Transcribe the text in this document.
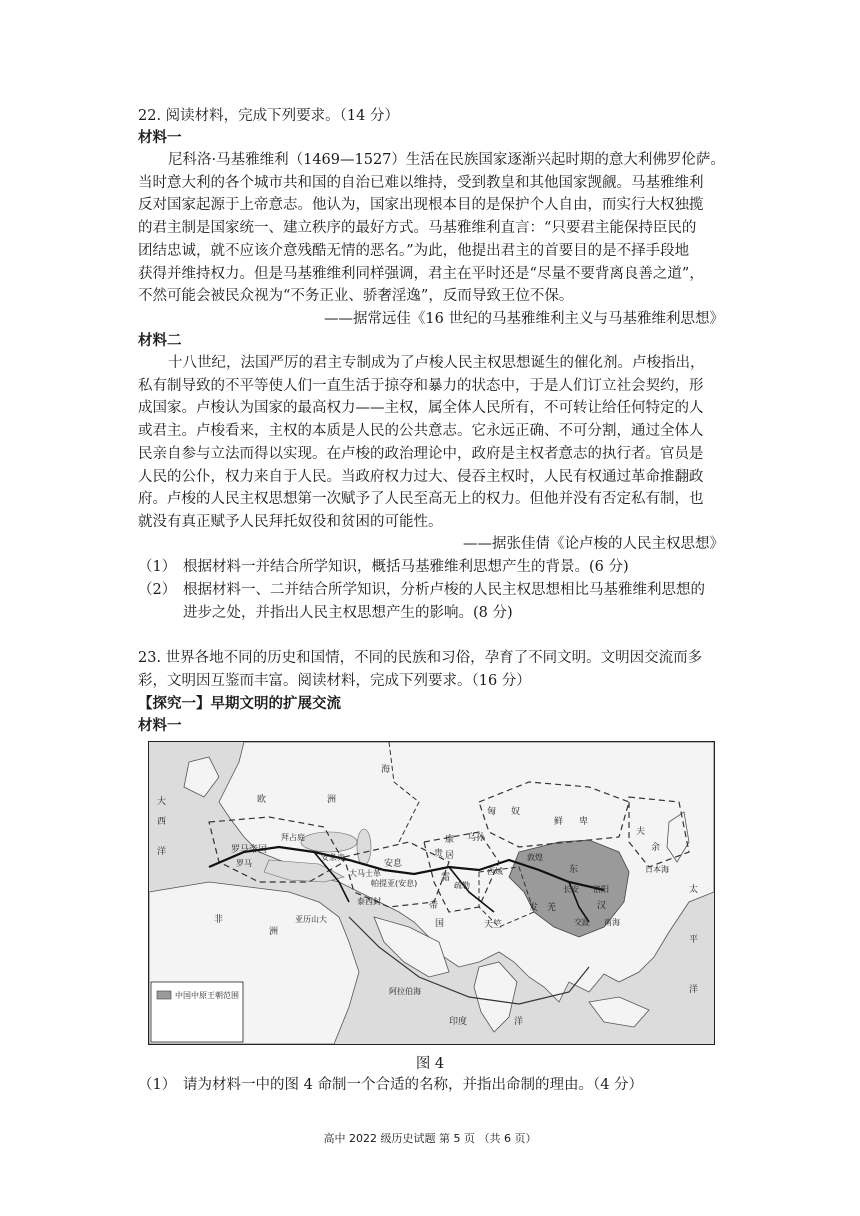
22. 阅读材料，完成下列要求。（14 分）
材料一
尼科洛·马基雅维利（1469—1527）生活在民族国家逐渐兴起时期的意大利佛罗伦萨。
当时意大利的各个城市共和国的自治已难以维持，受到教皇和其他国家觊觎。马基雅维利
反对国家起源于上帝意志。他认为，国家出现根本目的是保护个人自由，而实行大权独揽
的君主制是国家统一、建立秩序的最好方式。马基雅维利直言：“只要君主能保持臣民的
团结忠诚，就不应该介意残酷无情的恶名。”为此，他提出君主的首要目的是不择手段地
获得并维持权力。但是马基雅维利同样强调，君主在平时还是“尽量不要背离良善之道”，
不然可能会被民众视为“不务正业、骄奢淫逸”，反而导致王位不保。
——据常远佳《16 世纪的马基雅维利主义与马基雅维利思想》
材料二
十八世纪，法国严厉的君主专制成为了卢梭人民主权思想诞生的催化剂。卢梭指出，
私有制导致的不平等使人们一直生活于掠夺和暴力的状态中，于是人们订立社会契约，形
成国家。卢梭认为国家的最高权力——主权，属全体人民所有，不可转让给任何特定的人
或君主。卢梭看来，主权的本质是人民的公共意志。它永远正确、不可分割，通过全体人
民亲自参与立法而得以实现。在卢梭的政治理论中，政府是主权者意志的执行者。官员是
人民的公仆，权力来自于人民。当政府权力过大、侵吞主权时，人民有权通过革命推翻政
府。卢梭的人民主权思想第一次赋予了人民至高无上的权力。但他并没有否定私有制，也
就没有真正赋予人民拜托奴役和贫困的可能性。
——据张佳倩《论卢梭的人民主权思想》
（1） 根据材料一并结合所学知识，概括马基雅维利思想产生的背景。(6 分)
（2） 根据材料一、二并结合所学知识，分析卢梭的人民主权思想相比马基雅维利思想的
进步之处，并指出人民主权思想产生的影响。(8 分)
23. 世界各地不同的历史和国情，不同的民族和习俗，孕育了不同文明。文明因交流而多
彩，文明因互鉴而丰富。阅读材料，完成下列要求。（16 分）
【探究一】早期文明的扩展交流
材料一
中国中原王朝范围
大
西
洋
欧	洲
罗马帝国
罗马
拜占庭
安条克
大马士革
安息
帕提亚(安息)
泰西封
亚历山大
贵
霜
帝
国
康
居
乌孙
匈 奴
鲜 卑
夫
余
敦煌
西域
疏勒
天竺
东
长安 洛阳
汉
交趾 南海
发 羌
非
洲
阿拉伯海
印度	洋
太
平
洋
日本海
海
图 4
（1） 请为材料一中的图 4 命制一个合适的名称，并指出命制的理由。（4 分）
高中 2022 级历史试题 第 5 页 （共 6 页）
